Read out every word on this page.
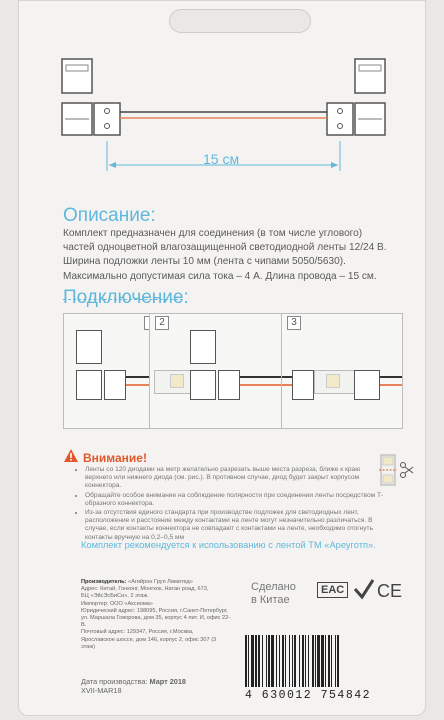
15 см
Описание:
Комплект предназначен для соединения (в том числе углового)
частей одноцветной влагозащищенной светодиодной ленты 12/24 В.
Ширина подложки ленты 10 мм (лента с чипами 5050/5630).
Максимально допустимая сила тока – 4 А. Длина провода – 15 см.
Подключение:
2	3
Внимание!
• Ленты со 120 диодами на метр желательно разрезать выше места разреза, ближе к краю верхнего или нижнего диода (см. рис.). В противном случае, диод будет закрыт корпусом коннектора.
• Обращайте особое внимание на соблюдение полярности при соединении ленты посредством Т-образного коннектора.
• Из-за отсутствия единого стандарта при производстве подложек для светодиодных лент, расположение и расстояние между контактами на ленте могут незначительно различаться. В случае, если контакты коннектора не совпадают с контактами на ленте, необходимо отогнуть контакты вручную на 0,2–0,5 мм
Комплект рекомендуется к использованию с лентой ТМ «Ареуготп».
Производитель: «Агийрон Груп Лимитед»
Адрес: Китай, Гонконг, Монгкок, Натан роад, 673,
БЦ «ЭйсЭсБиСи», 2 этаж.
Импортер: ООО «Аксиома»
Юридический адрес: 198095, Россия, г.Санкт-Петербург,
ул. Маршала Говорова, дом 35, корпус 4 лит. И, офис 22-В.
Почтовый адрес: 129347, Россия, г.Москва,
Ярославское шоссе, дом 146, корпус 2, офис 307 (3 этаж)
Сделано
в Китае
EAC CE
4 630012 754842
Дата производства: Март 2018
XVII-MAR18
